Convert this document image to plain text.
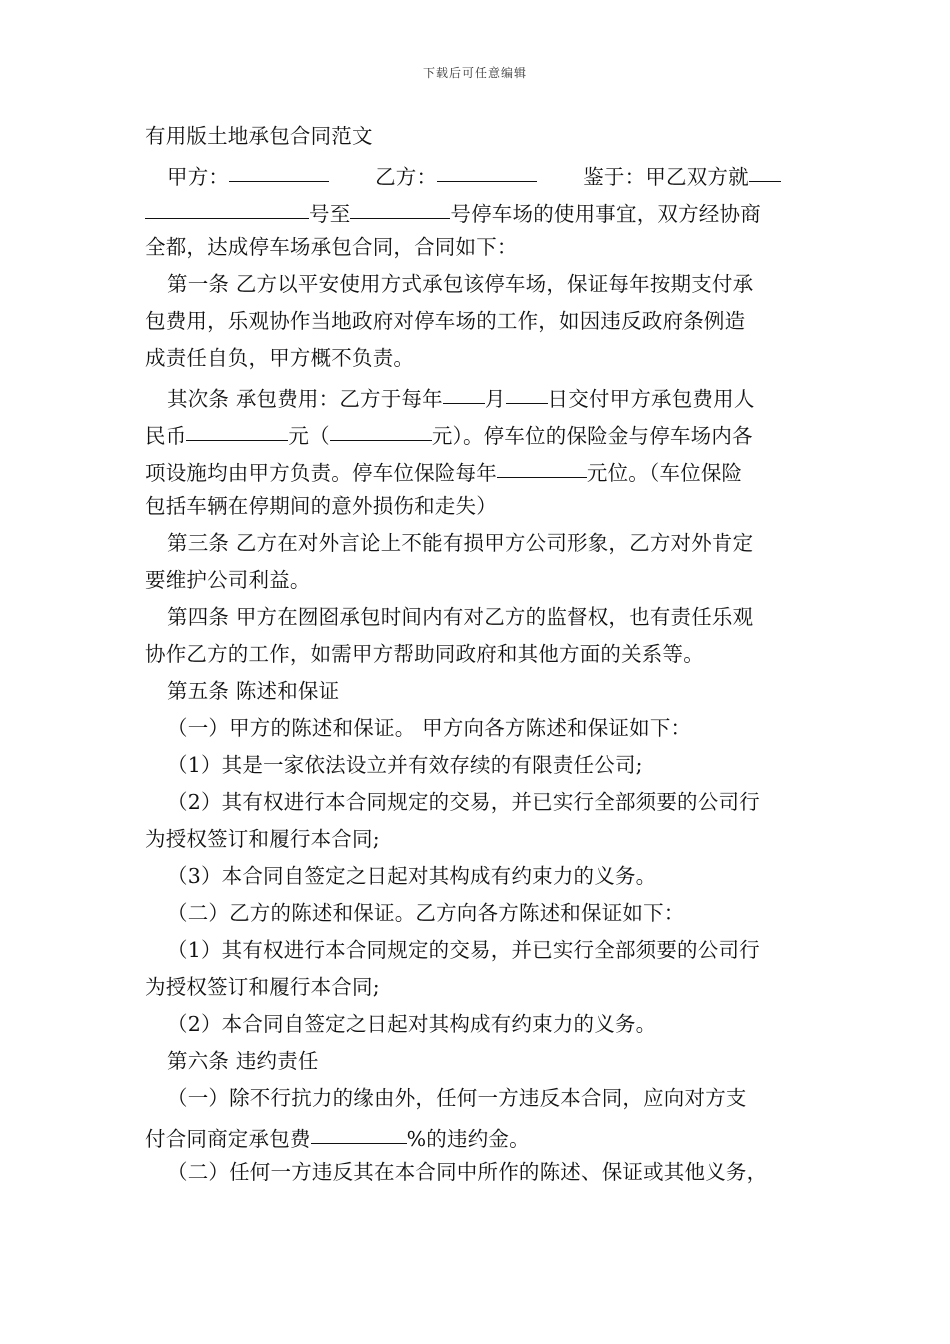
下载后可任意编辑
有用版土地承包合同范文
甲方：	乙方：	鉴于：甲乙双方就
号至	号停车场的使用事宜，双方经协商
全都，达成停车场承包合同，合同如下：
第一条 乙方以平安使用方式承包该停车场，保证每年按期支付承
包费用，乐观协作当地政府对停车场的工作，如因违反政府条例造
成责任自负，甲方概不负责。
其次条 承包费用：乙方于每年 月 日交付甲方承包费用人
民币	元（	元）。停车位的保险金与停车场内各
项设施均由甲方负责。停车位保险每年	元位。（车位保险
包括车辆在停期间的意外损伤和走失）
第三条 乙方在对外言论上不能有损甲方公司形象，乙方对外肯定
要维护公司利益。
第四条 甲方在囫囵承包时间内有对乙方的监督权，也有责任乐观
协作乙方的工作，如需甲方帮助同政府和其他方面的关系等。
第五条 陈述和保证
（一）甲方的陈述和保证。 甲方向各方陈述和保证如下：
（1）其是一家依法设立并有效存续的有限责任公司;
（2）其有权进行本合同规定的交易，并已实行全部须要的公司行
为授权签订和履行本合同;
（3）本合同自签定之日起对其构成有约束力的义务。
（二）乙方的陈述和保证。乙方向各方陈述和保证如下：
（1）其有权进行本合同规定的交易，并已实行全部须要的公司行
为授权签订和履行本合同;
（2）本合同自签定之日起对其构成有约束力的义务。
第六条 违约责任
（一）除不行抗力的缘由外，任何一方违反本合同，应向对方支
付合同商定承包费	%的违约金。
（二）任何一方违反其在本合同中所作的陈述、保证或其他义务，
